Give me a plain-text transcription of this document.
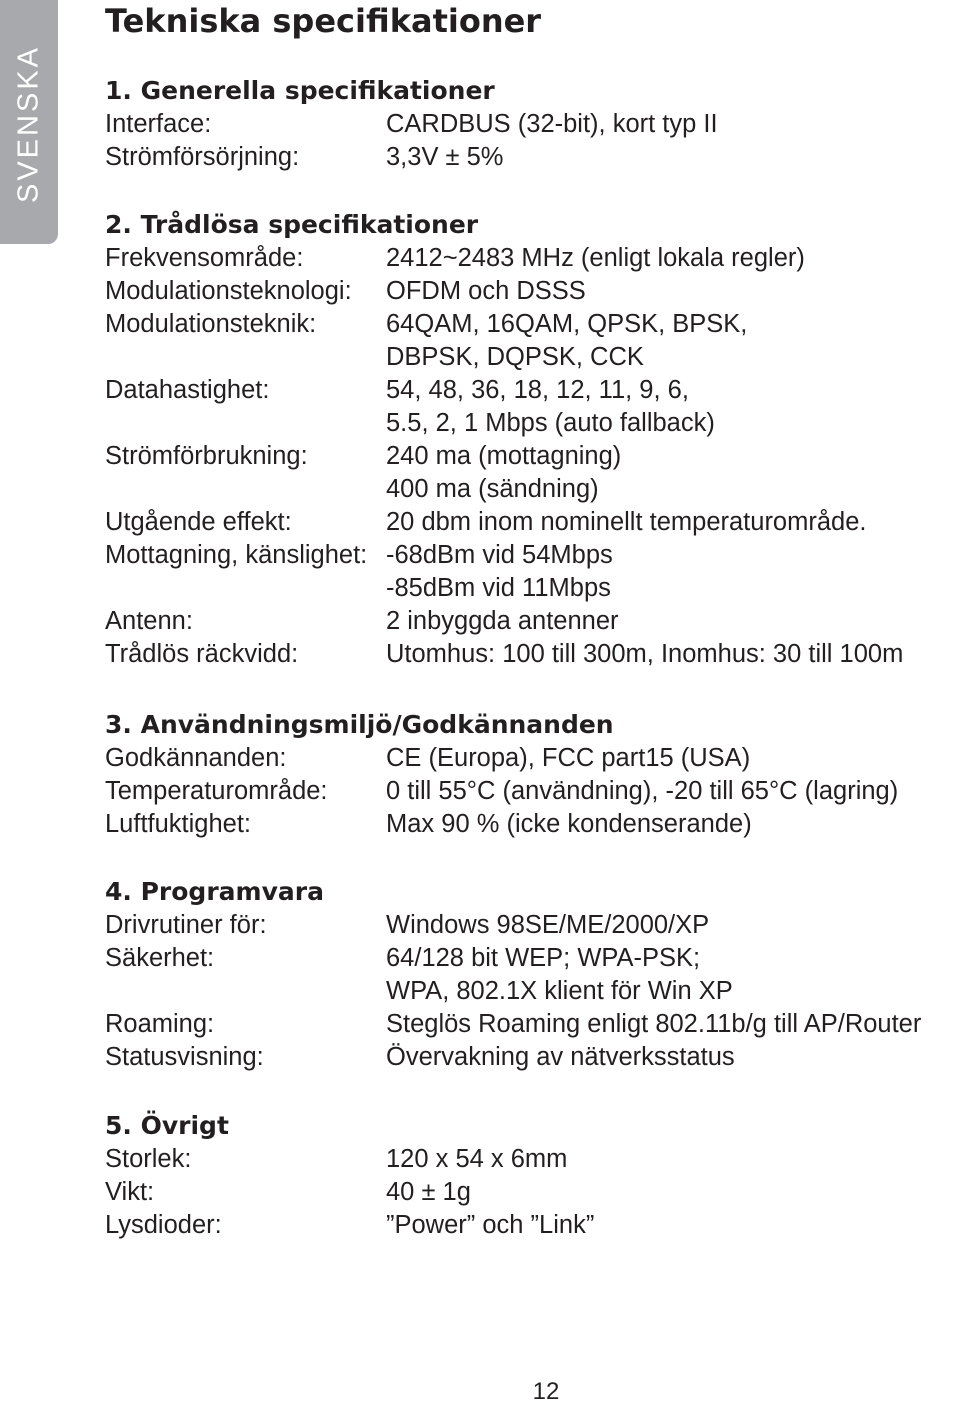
SVENSKA
Tekniska specifikationer
1. Generella specifikationer
Interface:	CARDBUS (32-bit), kort typ II
Strömförsörjning:	3,3V ± 5%
2. Trådlösa specifikationer
Frekvensområde:	2412~2483 MHz (enligt lokala regler)
Modulationsteknologi:	OFDM och DSSS
Modulationsteknik:	64QAM, 16QAM, QPSK, BPSK,
DBPSK, DQPSK, CCK
Datahastighet:	54, 48, 36, 18, 12, 11, 9, 6,
5.5, 2, 1 Mbps (auto fallback)
Strömförbrukning:	240 ma (mottagning)
400 ma (sändning)
Utgående effekt:	20 dbm inom nominellt temperaturområde.
Mottagning, känslighet: -68dBm vid 54Mbps
-85dBm vid 11Mbps
Antenn:	2 inbyggda antenner
Trådlös räckvidd:	Utomhus: 100 till 300m, Inomhus: 30 till 100m
3. Användningsmiljö/Godkännanden
Godkännanden:	CE (Europa), FCC part15 (USA)
Temperaturområde:	0 till 55°C (användning), -20 till 65°C (lagring)
Luftfuktighet:	Max 90 % (icke kondenserande)
4. Programvara
Drivrutiner för:	Windows 98SE/ME/2000/XP
Säkerhet:	64/128 bit WEP; WPA-PSK;
WPA, 802.1X klient för Win XP
Roaming:	Steglös Roaming enligt 802.11b/g till AP/Router
Statusvisning:	Övervakning av nätverksstatus
5. Övrigt
Storlek:	120 x 54 x 6mm
Vikt:	40 ± 1g
Lysdioder:	”Power” och ”Link”
12
